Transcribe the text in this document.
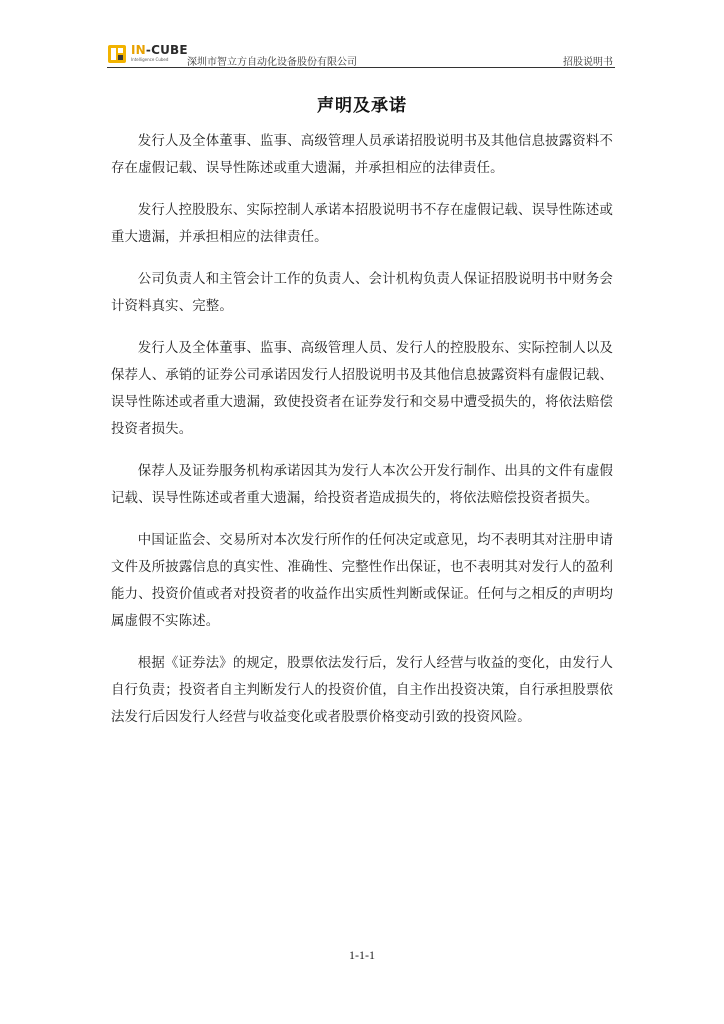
IN-CUBE
Intelligence Cubed 深圳市智立方自动化设备股份有限公司	招股说明书
声明及承诺

发行人及全体董事、监事、高级管理人员承诺招股说明书及其他信息披露资料不存在虚假记载、误导性陈述或重大遗漏，并承担相应的法律责任。

发行人控股股东、实际控制人承诺本招股说明书不存在虚假记载、误导性陈述或重大遗漏，并承担相应的法律责任。

公司负责人和主管会计工作的负责人、会计机构负责人保证招股说明书中财务会计资料真实、完整。

发行人及全体董事、监事、高级管理人员、发行人的控股股东、实际控制人以及保荐人、承销的证券公司承诺因发行人招股说明书及其他信息披露资料有虚假记载、误导性陈述或者重大遗漏，致使投资者在证券发行和交易中遭受损失的，将依法赔偿投资者损失。

保荐人及证券服务机构承诺因其为发行人本次公开发行制作、出具的文件有虚假记载、误导性陈述或者重大遗漏，给投资者造成损失的，将依法赔偿投资者损失。

中国证监会、交易所对本次发行所作的任何决定或意见，均不表明其对注册申请文件及所披露信息的真实性、准确性、完整性作出保证，也不表明其对发行人的盈利能力、投资价值或者对投资者的收益作出实质性判断或保证。任何与之相反的声明均属虚假不实陈述。

根据《证券法》的规定，股票依法发行后，发行人经营与收益的变化，由发行人自行负责；投资者自主判断发行人的投资价值，自主作出投资决策，自行承担股票依法发行后因发行人经营与收益变化或者股票价格变动引致的投资风险。

1-1-1
